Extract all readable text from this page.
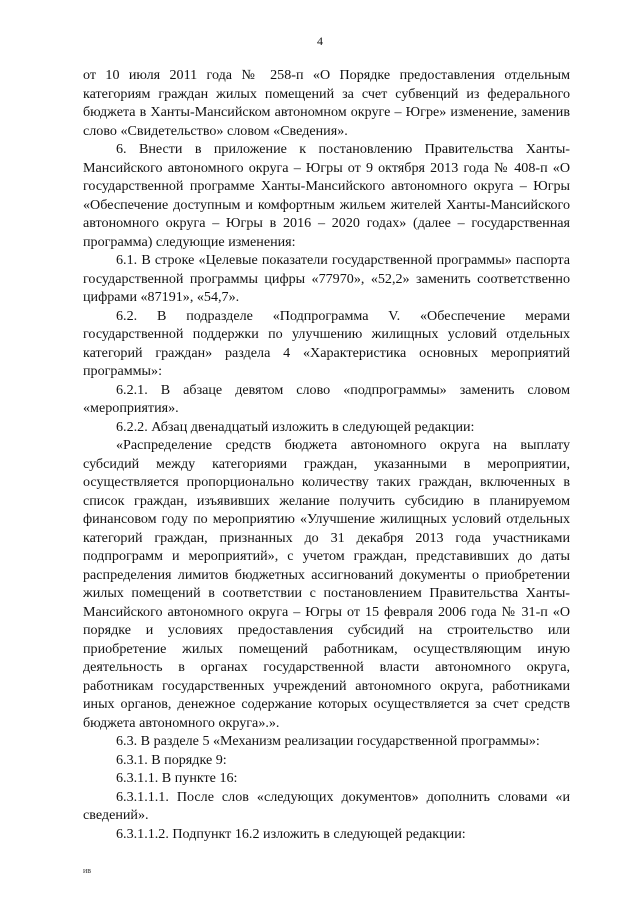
4

от 10 июля 2011 года № 258-п «О Порядке предоставления отдельным категориям граждан жилых помещений за счет субвенций из федерального бюджета в Ханты-Мансийском автономном округе – Югре» изменение, заменив слово «Свидетельство» словом «Сведения».

6. Внести в приложение к постановлению Правительства Ханты-Мансийского автономного округа – Югры от 9 октября 2013 года № 408-п «О государственной программе Ханты-Мансийского автономного округа – Югры «Обеспечение доступным и комфортным жильем жителей Ханты-Мансийского автономного округа – Югры в 2016 – 2020 годах» (далее – государственная программа) следующие изменения:

6.1. В строке «Целевые показатели государственной программы» паспорта государственной программы цифры «77970», «52,2» заменить соответственно цифрами «87191», «54,7».

6.2. В подразделе «Подпрограмма V. «Обеспечение мерами государственной поддержки по улучшению жилищных условий отдельных категорий граждан» раздела 4 «Характеристика основных мероприятий программы»:

6.2.1. В абзаце девятом слово «подпрограммы» заменить словом «мероприятия».

6.2.2. Абзац двенадцатый изложить в следующей редакции:

«Распределение средств бюджета автономного округа на выплату субсидий между категориями граждан, указанными в мероприятии, осуществляется пропорционально количеству таких граждан, включенных в список граждан, изъявивших желание получить субсидию в планируемом финансовом году по мероприятию «Улучшение жилищных условий отдельных категорий граждан, признанных до 31 декабря 2013 года участниками подпрограмм и мероприятий», с учетом граждан, представивших до даты распределения лимитов бюджетных ассигнований документы о приобретении жилых помещений в соответствии с постановлением Правительства Ханты-Мансийского автономного округа – Югры от 15 февраля 2006 года № 31-п «О порядке и условиях предоставления субсидий на строительство или приобретение жилых помещений работникам, осуществляющим иную деятельность в органах государственной власти автономного округа, работникам государственных учреждений автономного округа, работниками иных органов, денежное содержание которых осуществляется за счет средств бюджета автономного округа».».

6.3. В разделе 5 «Механизм реализации государственной программы»:

6.3.1. В порядке 9:

6.3.1.1. В пункте 16:

6.3.1.1.1. После слов «следующих документов» дополнить словами «и сведений».

6.3.1.1.2. Подпункт 16.2 изложить в следующей редакции:

ив
